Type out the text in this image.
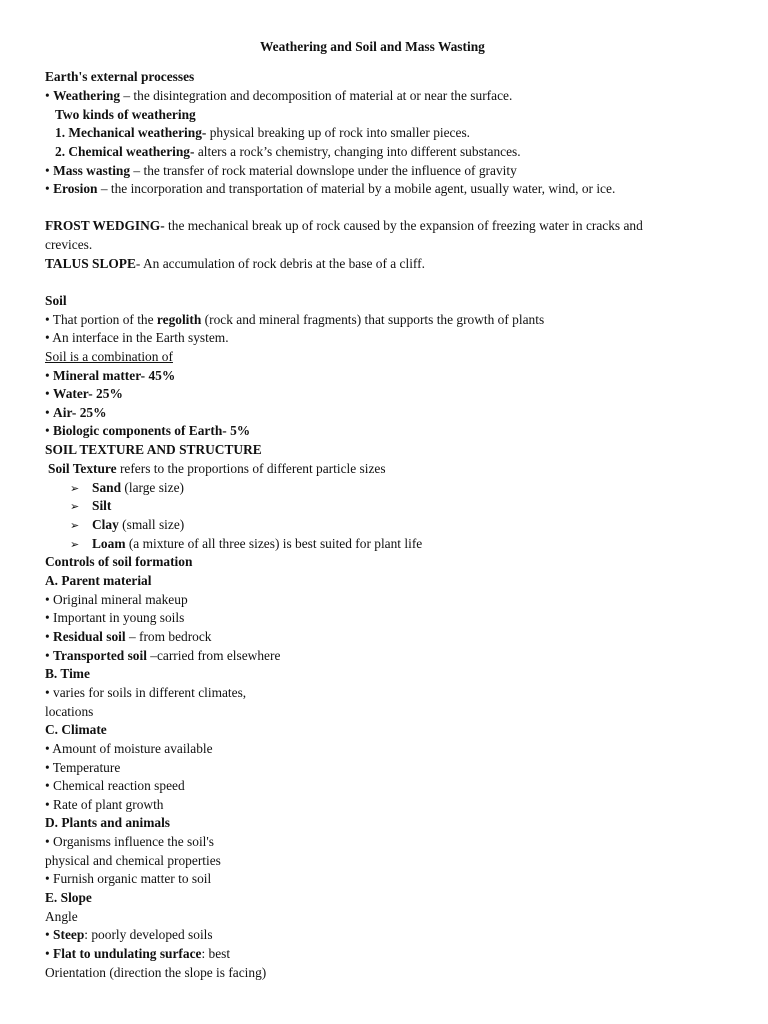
Weathering and Soil and Mass Wasting
Earth's external processes
• Weathering – the disintegration and decomposition of material at or near the surface.
Two kinds of weathering
1. Mechanical weathering- physical breaking up of rock into smaller pieces.
2. Chemical weathering- alters a rock’s chemistry, changing into different substances.
• Mass wasting – the transfer of rock material downslope under the influence of gravity
• Erosion – the incorporation and transportation of material by a mobile agent, usually water, wind, or ice.
FROST WEDGING- the mechanical break up of rock caused by the expansion of freezing water in cracks and
crevices.
TALUS SLOPE- An accumulation of rock debris at the base of a cliff.
Soil
• That portion of the regolith (rock and mineral fragments) that supports the growth of plants
• An interface in the Earth system.
Soil is a combination of
• Mineral matter- 45%
• Water- 25%
• Air- 25%
• Biologic components of Earth- 5%
SOIL TEXTURE AND STRUCTURE
Soil Texture refers to the proportions of different particle sizes
➢ Sand (large size)
➢ Silt
➢ Clay (small size)
➢ Loam (a mixture of all three sizes) is best suited for plant life
Controls of soil formation
A. Parent material
• Original mineral makeup
• Important in young soils
• Residual soil – from bedrock
• Transported soil –carried from elsewhere
B. Time
• varies for soils in different climates,
locations
C. Climate
• Amount of moisture available
• Temperature
• Chemical reaction speed
• Rate of plant growth
D. Plants and animals
• Organisms influence the soil's
physical and chemical properties
• Furnish organic matter to soil
E. Slope
Angle
• Steep: poorly developed soils
• Flat to undulating surface: best
Orientation (direction the slope is facing)
